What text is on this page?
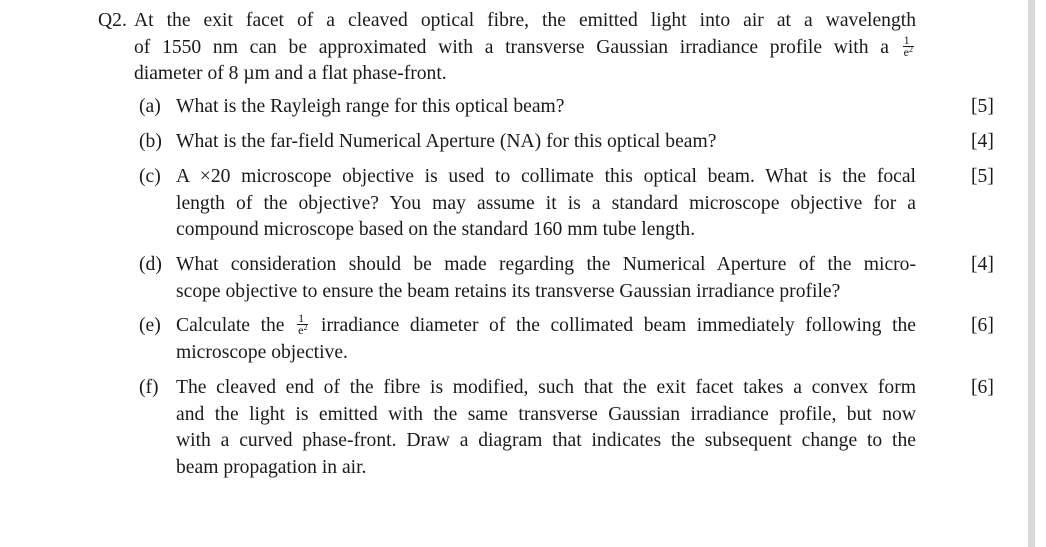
Q2. At the exit facet of a cleaved optical fibre, the emitted light into air at a wavelength
of 1550 nm can be approximated with a transverse Gaussian irradiance profile with a $\frac{1}{e^2}$
diameter of 8 µm and a flat phase-front.
(a) What is the Rayleigh range for this optical beam?	[5]
(b) What is the far-field Numerical Aperture (NA) for this optical beam?	[4]
(c) A ×20 microscope objective is used to collimate this optical beam. What is the focal
length of the objective? You may assume it is a standard microscope objective for a
compound microscope based on the standard 160 mm tube length.
[5]
(d) What consideration should be made regarding the Numerical Aperture of the micro-
scope objective to ensure the beam retains its transverse Gaussian irradiance profile?
[4]
(e) Calculate the $\frac{1}{e^2}$ irradiance diameter of the collimated beam immediately following the
microscope objective.
[6]
(f) The cleaved end of the fibre is modified, such that the exit facet takes a convex form
and the light is emitted with the same transverse Gaussian irradiance profile, but now
with a curved phase-front. Draw a diagram that indicates the subsequent change to the
beam propagation in air.
[6]
